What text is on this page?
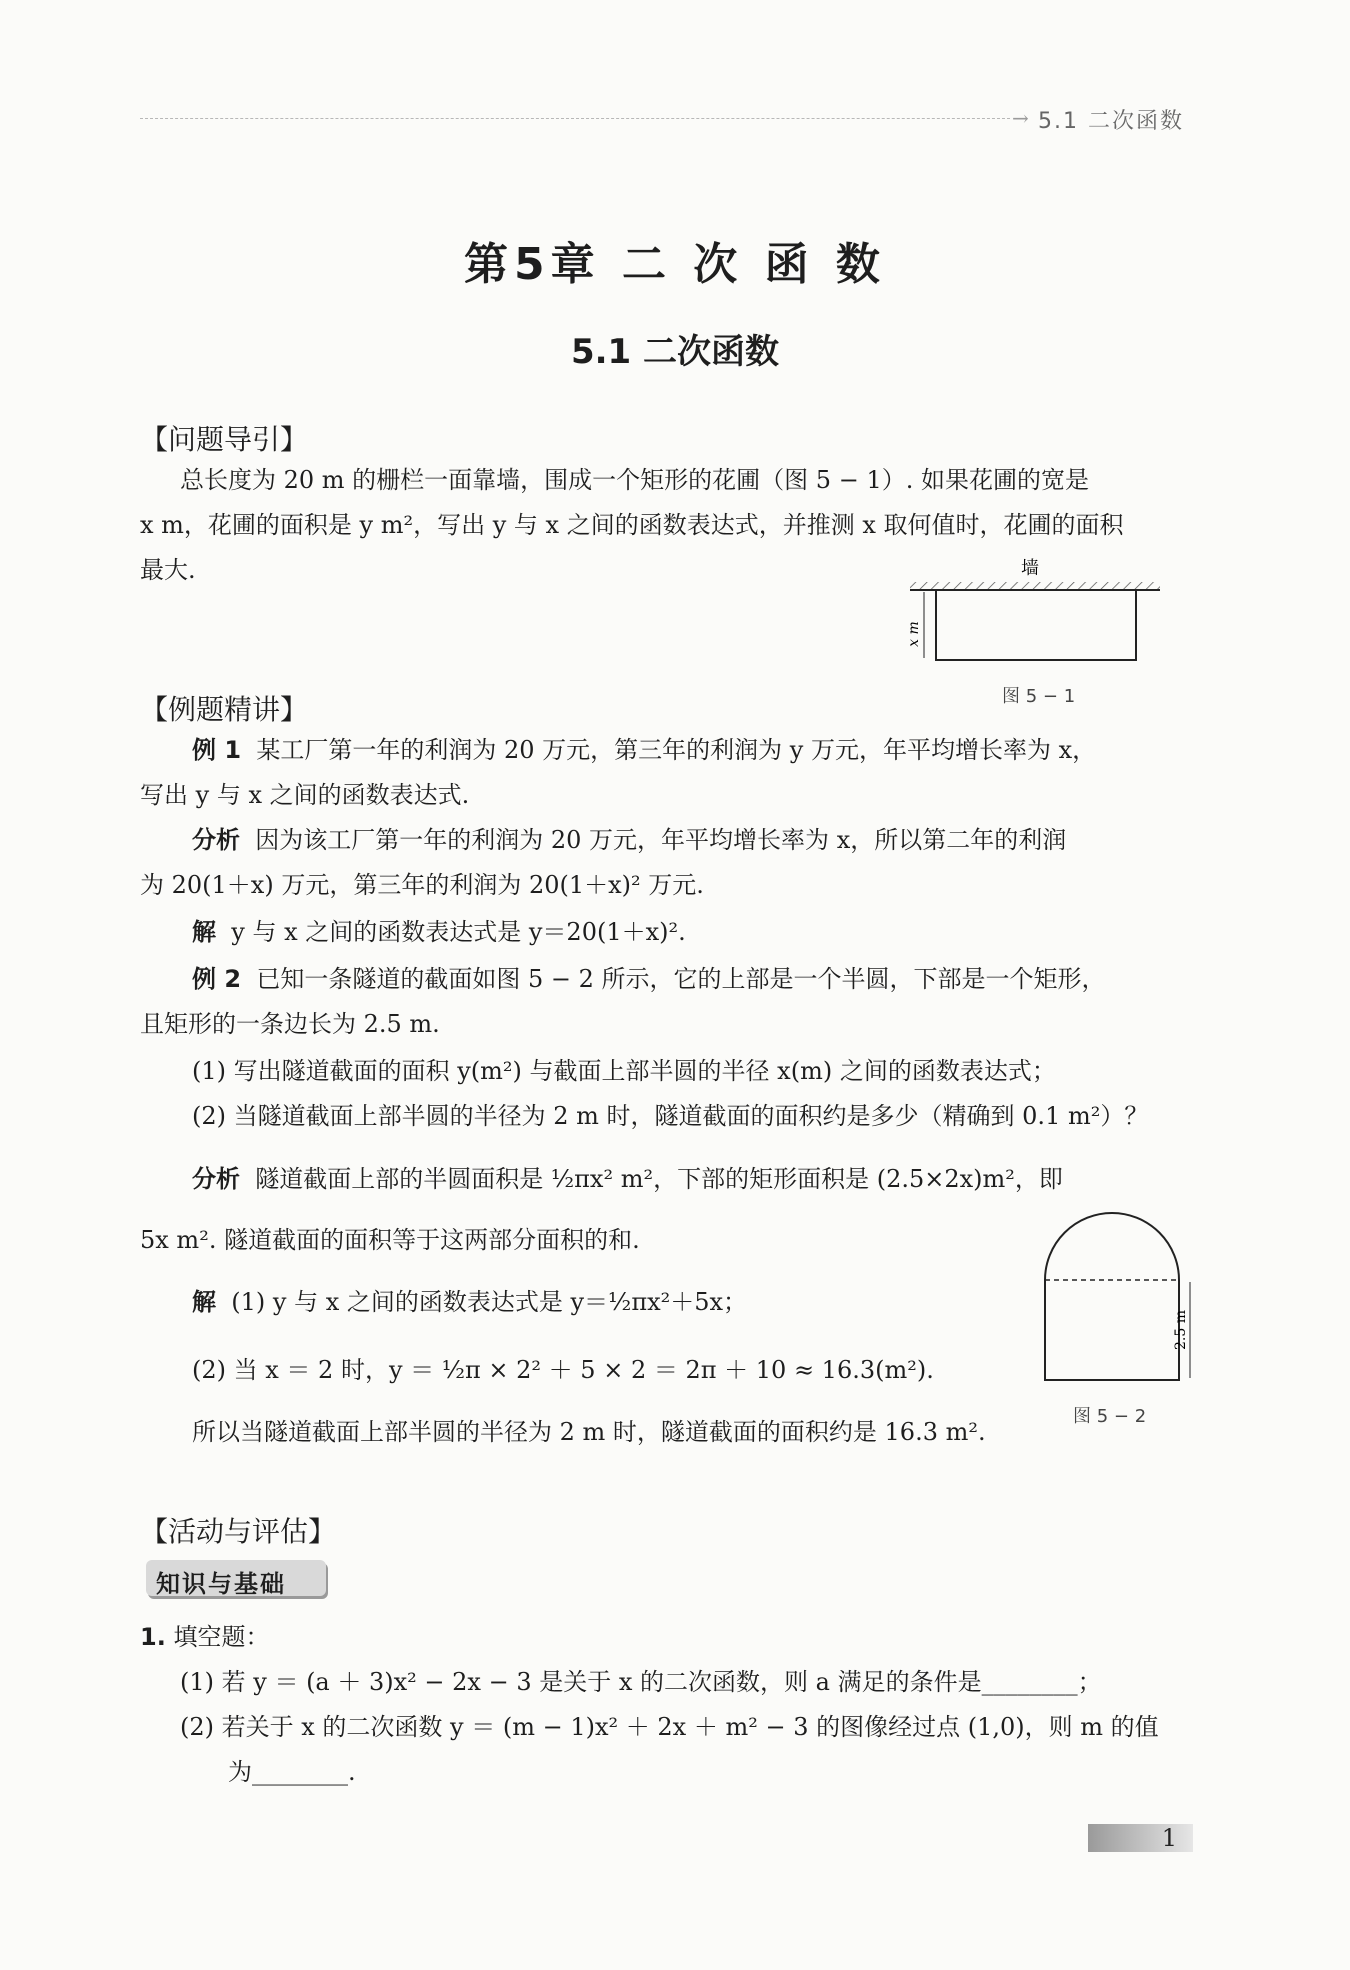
→ 5.1 二次函数
第5章 二 次 函 数
5.1 二次函数
【问题导引】
总长度为 20 m 的栅栏一面靠墙，围成一个矩形的花圃（图 5 − 1）. 如果花圃的宽是
x m，花圃的面积是 y m²，写出 y 与 x 之间的函数表达式，并推测 x 取何值时，花圃的面积
最大.	墙
x m
图 5 − 1
【例题精讲】
例 1 某工厂第一年的利润为 20 万元，第三年的利润为 y 万元，年平均增长率为 x，
写出 y 与 x 之间的函数表达式.
分析 因为该工厂第一年的利润为 20 万元，年平均增长率为 x，所以第二年的利润
为 20(1＋x) 万元，第三年的利润为 20(1＋x)² 万元.
解 y 与 x 之间的函数表达式是 y＝20(1＋x)².
例 2 已知一条隧道的截面如图 5 − 2 所示，它的上部是一个半圆，下部是一个矩形，
且矩形的一条边长为 2.5 m.
(1) 写出隧道截面的面积 y(m²) 与截面上部半圆的半径 x(m) 之间的函数表达式；
(2) 当隧道截面上部半圆的半径为 2 m 时，隧道截面的面积约是多少（精确到 0.1 m²）？
分析 隧道截面上部的半圆面积是 ½πx² m²，下部的矩形面积是 (2.5×2x)m²，即
5x m². 隧道截面的面积等于这两部分面积的和.
解 (1) y 与 x 之间的函数表达式是 y＝½πx²＋5x；
(2) 当 x ＝ 2 时，y ＝ ½π × 2² ＋ 5 × 2 ＝ 2π ＋ 10 ≈ 16.3(m²).
所以当隧道截面上部半圆的半径为 2 m 时，隧道截面的面积约是 16.3 m².
2.5 m
图 5 − 2
【活动与评估】
知识与基础
1. 填空题：
(1) 若 y ＝ (a ＋ 3)x² − 2x − 3 是关于 x 的二次函数，则 a 满足的条件是________；
(2) 若关于 x 的二次函数 y ＝ (m − 1)x² ＋ 2x ＋ m² − 3 的图像经过点 (1,0)，则 m 的值
为________.
1
